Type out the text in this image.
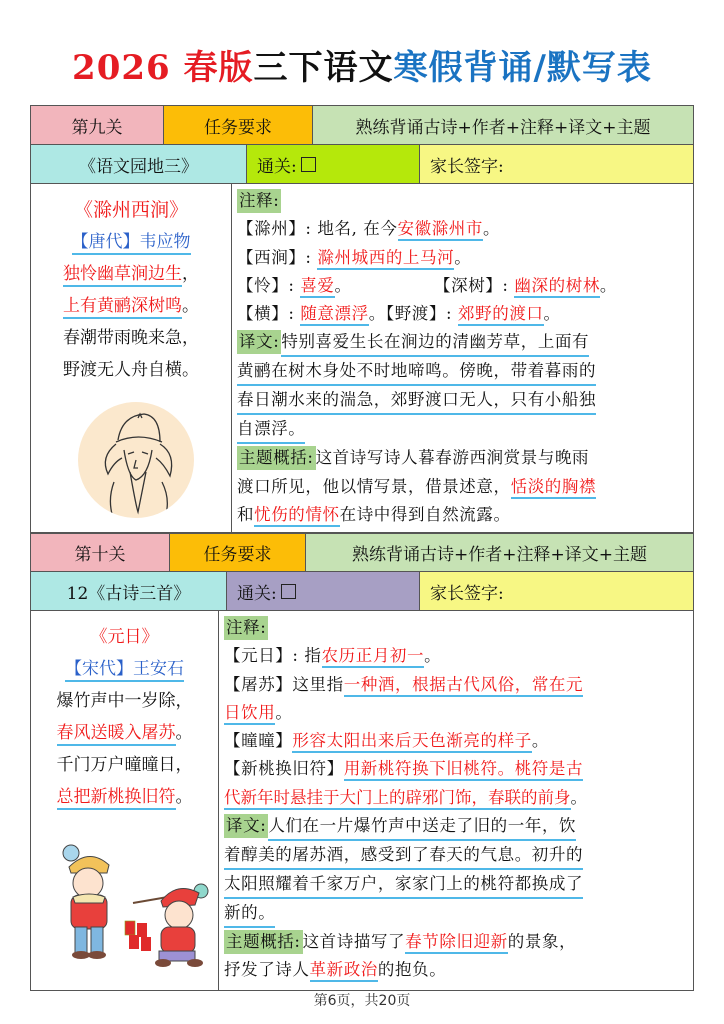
2026 春版三下语文寒假背诵/默写表
第九关	任务要求	熟练背诵古诗+作者+注释+译文+主题
《语文园地三》	通关:	家长签字:
《滁州西涧》
【唐代】韦应物
独怜幽草涧边生，
上有黄鹂深树鸣。
春潮带雨晚来急，
野渡无人舟自横。
注释:
【滁州】: 地名, 在今安徽滁州市。
【西涧】: 滁州城西的上马河。
【怜】: 喜爱。	【深树】: 幽深的树林。
【横】: 随意漂浮。【野渡】: 郊野的渡口。
译文: 特别喜爱生长在涧边的清幽芳草，上面有
黄鹂在树木身处不时地啼鸣。傍晚，带着暮雨的
春日潮水来的湍急，郊野渡口无人，只有小船独
自漂浮。
主题概括: 这首诗写诗人暮春游西涧赏景与晚雨
渡口所见，他以情写景，借景述意，恬淡的胸襟
和忧伤的情怀在诗中得到自然流露。
第十关	任务要求	熟练背诵古诗+作者+注释+译文+主题
12《古诗三首》	通关:	家长签字:
《元日》
【宋代】王安石
爆竹声中一岁除，
春风送暖入屠苏。
千门万户曈曈日，
总把新桃换旧符。
注释:
【元日】: 指农历正月初一。
【屠苏】这里指一种酒，根据古代风俗，常在元
日饮用。
【曈曈】形容太阳出来后天色渐亮的样子。
【新桃换旧符】用新桃符换下旧桃符。桃符是古
代新年时悬挂于大门上的辟邪门饰，春联的前身。
译文: 人们在一片爆竹声中送走了旧的一年，饮
着醇美的屠苏酒，感受到了春天的气息。初升的
太阳照耀着千家万户，家家门上的桃符都换成了
新的。
主题概括: 这首诗描写了春节除旧迎新的景象，
抒发了诗人革新政治的抱负。
第6页，共20页
